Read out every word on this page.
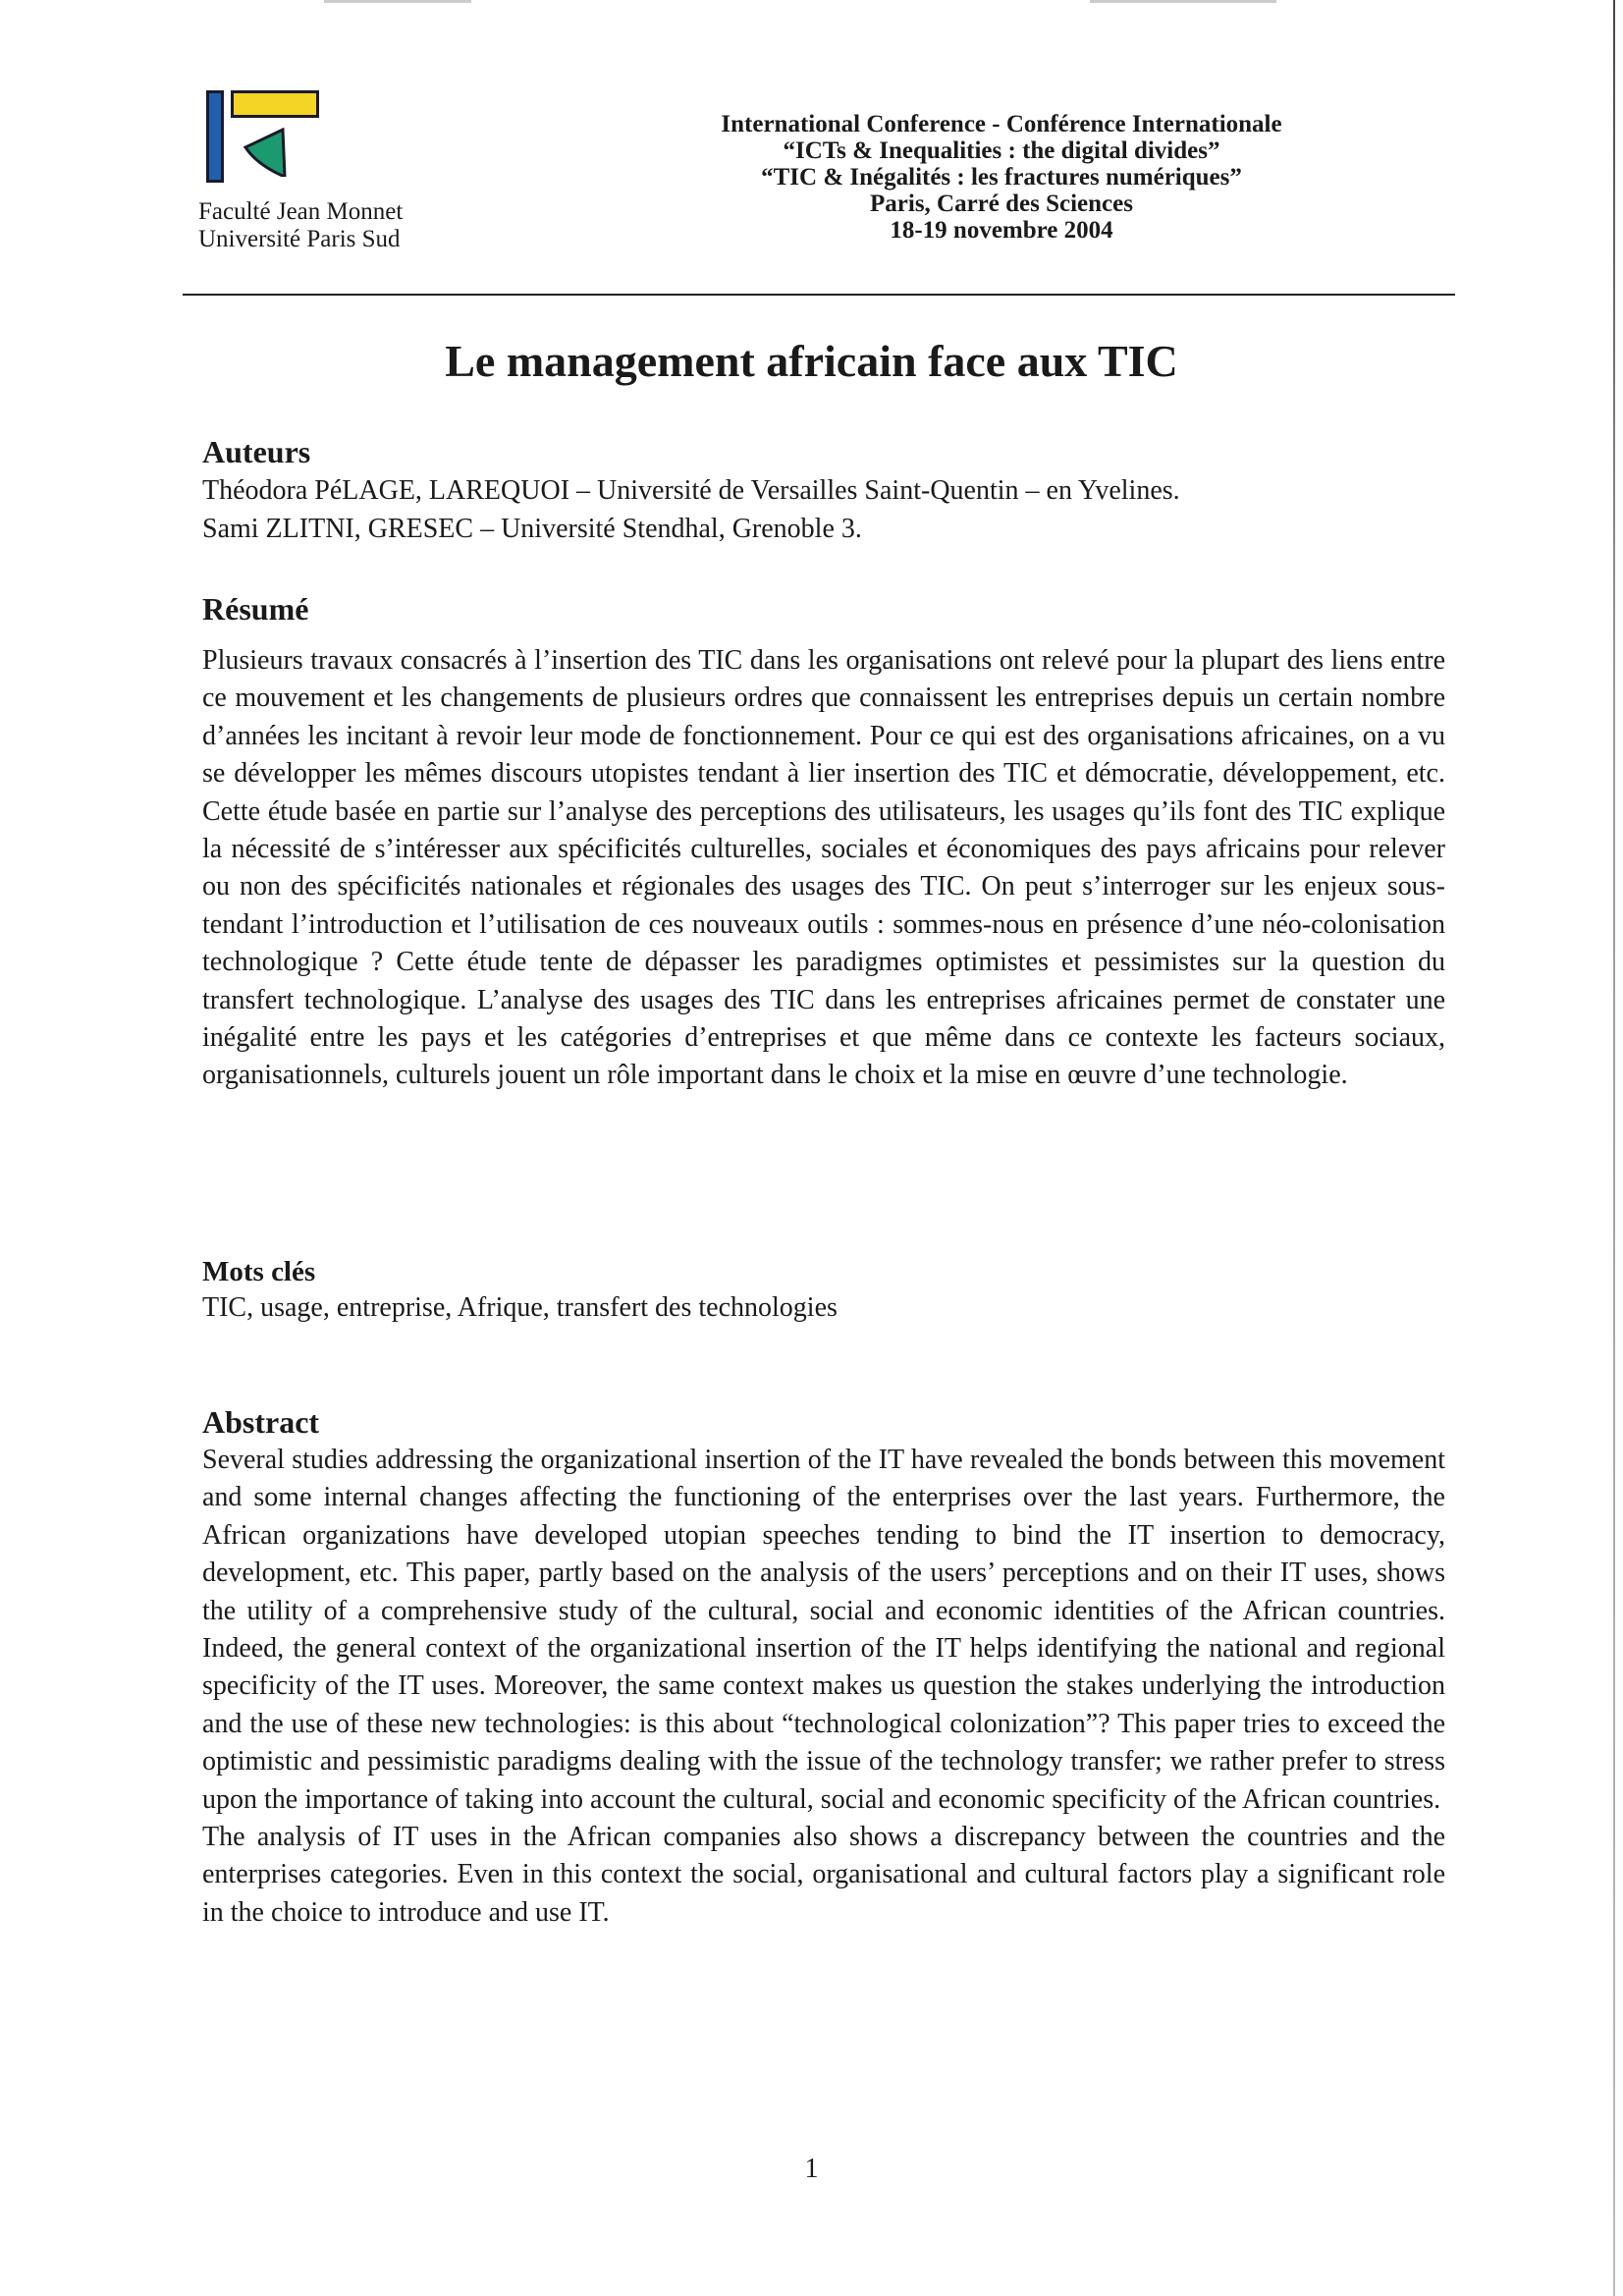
Faculté Jean Monnet
Université Paris Sud
International Conference - Conférence Internationale
“ICTs & Inequalities : the digital divides”
“TIC & Inégalités : les fractures numériques”
Paris, Carré des Sciences
18-19 novembre 2004
Le management africain face aux TIC
Auteurs
Théodora PéLAGE, LAREQUOI – Université de Versailles Saint-Quentin – en Yvelines.
Sami ZLITNI, GRESEC – Université Stendhal, Grenoble 3.
Résumé

Plusieurs travaux consacrés à l’insertion des TIC dans les organisations ont relevé pour la plupart des liens entre ce mouvement et les changements de plusieurs ordres que connaissent les entreprises depuis un certain nombre d’années les incitant à revoir leur mode de fonctionnement. Pour ce qui est des organisations africaines, on a vu se développer les mêmes discours utopistes tendant à lier insertion des TIC et démocratie, développement, etc. Cette étude basée en partie sur l’analyse des perceptions des utilisateurs, les usages qu’ils font des TIC explique la nécessité de s’intéresser aux spécificités culturelles, sociales et économiques des pays africains pour relever ou non des spécificités nationales et régionales des usages des TIC. On peut s’interroger sur les enjeux sous-tendant l’introduction et l’utilisation de ces nouveaux outils : sommes-nous en présence d’une néo-colonisation technologique ? Cette étude tente de dépasser les paradigmes optimistes et pessimistes sur la question du transfert technologique. L’analyse des usages des TIC dans les entreprises africaines permet de constater une inégalité entre les pays et les catégories d’entreprises et que même dans ce contexte les facteurs sociaux, organisationnels, culturels jouent un rôle important dans le choix et la mise en œuvre d’une technologie.

Mots clés

TIC, usage, entreprise, Afrique, transfert des technologies

Abstract

Several studies addressing the organizational insertion of the IT have revealed the bonds between this movement and some internal changes affecting the functioning of the enterprises over the last years. Furthermore, the African organizations have developed utopian speeches tending to bind the IT insertion to democracy, development, etc. This paper, partly based on the analysis of the users’ perceptions and on their IT uses, shows the utility of a comprehensive study of the cultural, social and economic identities of the African countries. Indeed, the general context of the organizational insertion of the IT helps identifying the national and regional specificity of the IT uses. Moreover, the same context makes us question the stakes underlying the introduction and the use of these new technologies: is this about “technological colonization”? This paper tries to exceed the optimistic and pessimistic paradigms dealing with the issue of the technology transfer; we rather prefer to stress upon the importance of taking into account the cultural, social and economic specificity of the African countries.

The analysis of IT uses in the African companies also shows a discrepancy between the countries and the enterprises categories. Even in this context the social, organisational and cultural factors play a significant role in the choice to introduce and use IT.

1
